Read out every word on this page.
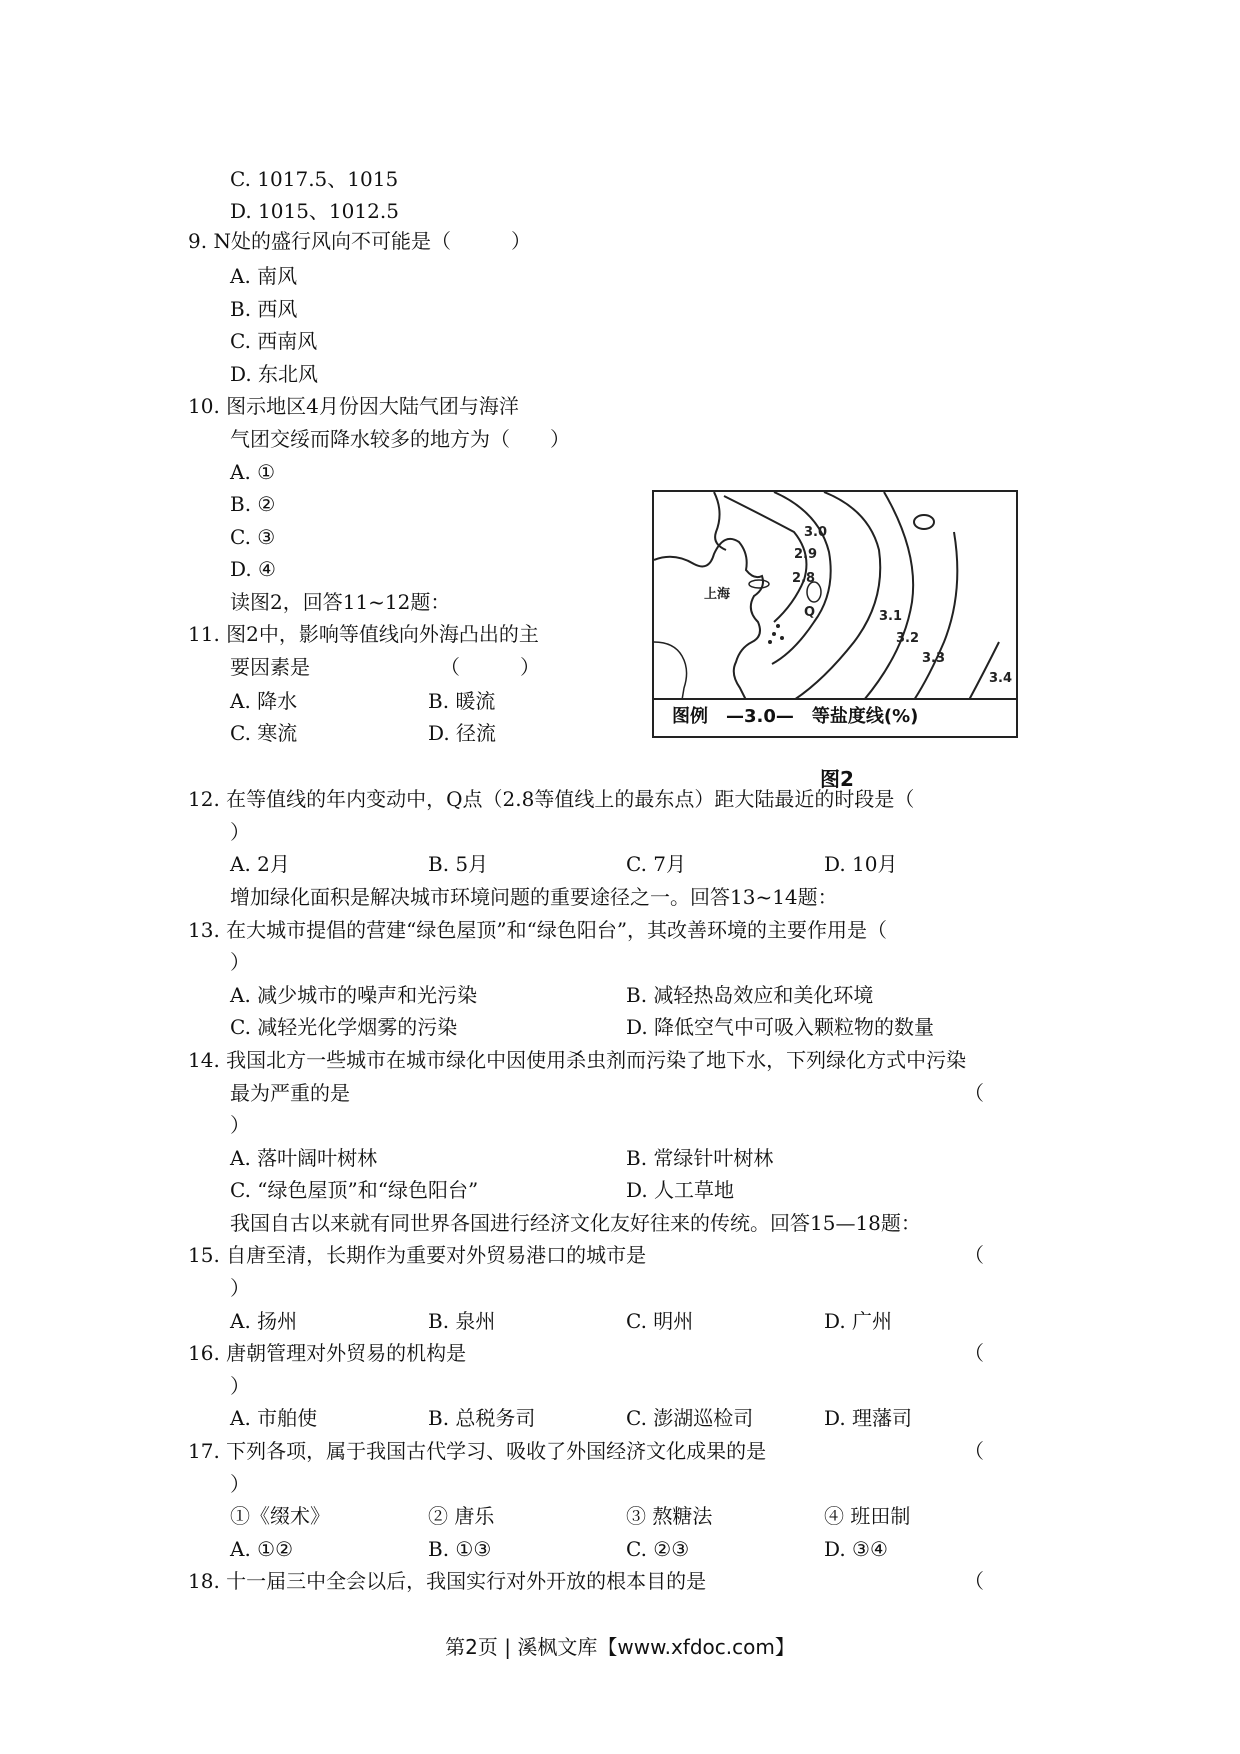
C. 1017.5、1015
D. 1015、1012.5
9. N处的盛行风向不可能是（　　　）
A. 南风
B. 西风
C. 西南风
D. 东北风
10. 图示地区4月份因大陆气团与海洋
气团交绥而降水较多的地方为（　　）
A. ①
B. ②
C. ③
D. ④
读图2，回答11~12题：
11. 图2中，影响等值线向外海凸出的主
要因素是　　　　　　　（　　　）
A. 降水	B. 暖流
C. 寒流	D. 径流
12. 在等值线的年内变动中，Q点（2.8等值线上的最东点）距大陆最近的时段是（
）
A. 2月	B. 5月	C. 7月	D. 10月
增加绿化面积是解决城市环境问题的重要途径之一。回答13~14题：
13. 在大城市提倡的营建“绿色屋顶”和“绿色阳台”，其改善环境的主要作用是（
）
A. 减少城市的噪声和光污染	B. 减轻热岛效应和美化环境
C. 减轻光化学烟雾的污染	D. 降低空气中可吸入颗粒物的数量
14. 我国北方一些城市在城市绿化中因使用杀虫剂而污染了地下水，下列绿化方式中污染
最为严重的是	（
）
A. 落叶阔叶树林	B. 常绿针叶树林
C. “绿色屋顶”和“绿色阳台”	D. 人工草地
我国自古以来就有同世界各国进行经济文化友好往来的传统。回答15—18题：
15. 自唐至清，长期作为重要对外贸易港口的城市是	（
）
A. 扬州	B. 泉州	C. 明州	D. 广州
16. 唐朝管理对外贸易的机构是	（
）
A. 市舶使	B. 总税务司	C. 澎湖巡检司	D. 理藩司
17. 下列各项，属于我国古代学习、吸收了外国经济文化成果的是	（
）
①《缀术》	② 唐乐	③ 熬糖法	④ 班田制
A. ①②	B. ①③	C. ②③	D. ③④
18. 十一届三中全会以后，我国实行对外开放的根本目的是	（
上海
Q
3.0
2.9
2.8
3.1
3.2
3.3
3.4
图例　—3.0—　等盐度线(%)
图2
第2页 | 溪枫文库【www.xfdoc.com】
